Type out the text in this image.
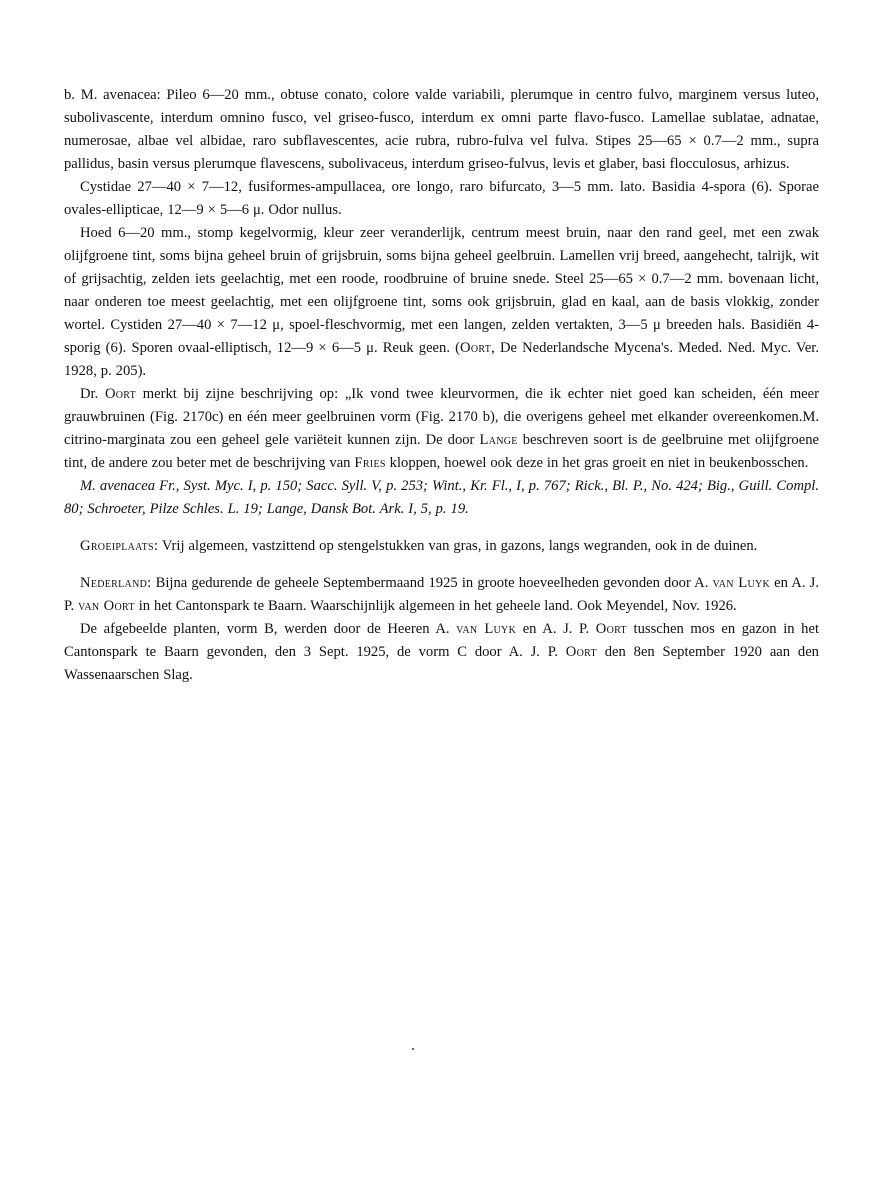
b. M. avenacea: Pileo 6—20 mm., obtuse conato, colore valde variabili, plerumque in centro fulvo, marginem versus luteo, subolivascente, interdum omnino fusco, vel griseo-fusco, interdum ex omni parte flavo-fusco. Lamellae sublatae, adnatae, numerosae, albae vel albidae, raro subflavescentes, acie rubra, rubro-fulva vel fulva. Stipes 25—65 × 0.7—2 mm., supra pallidus, basin versus plerumque flavescens, subolivaceus, interdum griseo-fulvus, levis et glaber, basi flocculosus, arhizus.

Cystidae 27—40 × 7—12, fusiformes-ampullacea, ore longo, raro bifurcato, 3—5 mm. lato. Basidia 4-spora (6). Sporae ovales-ellipticae, 12—9 × 5—6 μ. Odor nullus.

Hoed 6—20 mm., stomp kegelvormig, kleur zeer veranderlijk, centrum meest bruin, naar den rand geel, met een zwak olijfgroene tint, soms bijna geheel bruin of grijsbruin, soms bijna geheel geelbruin. Lamellen vrij breed, aangehecht, talrijk, wit of grijsachtig, zelden iets geelachtig, met een roode, roodbruine of bruine snede. Steel 25—65 × 0.7—2 mm. bovenaan licht, naar onderen toe meest geelachtig, met een olijfgroene tint, soms ook grijsbruin, glad en kaal, aan de basis vlokkig, zonder wortel. Cystiden 27—40 × 7—12 μ, spoel-fleschvormig, met een langen, zelden vertakten, 3—5 μ breeden hals. Basidiën 4-sporig (6). Sporen ovaal-elliptisch, 12—9 × 6—5 μ. Reuk geen. (Oort, De Nederlandsche Mycena's. Meded. Ned. Myc. Ver. 1928, p. 205).

Dr. Oort merkt bij zijne beschrijving op: „Ik vond twee kleurvormen, die ik echter niet goed kan scheiden, één meer grauwbruinen (Fig. 2170c) en één meer geelbruinen vorm (Fig. 2170 b), die overigens geheel met elkander overeenkomen.M. citrino-marginata zou een geheel gele variëteit kunnen zijn. De door Lange beschreven soort is de geelbruine met olijfgroene tint, de andere zou beter met de beschrijving van Fries kloppen, hoewel ook deze in het gras groeit en niet in beukenbosschen.

M. avenacea Fr., Syst. Myc. I, p. 150; Sacc. Syll. V, p. 253; Wint., Kr. Fl., I, p. 767; Rick., Bl. P., No. 424; Big., Guill. Compl. 80; Schroeter, Pilze Schles. L. 19; Lange, Dansk Bot. Ark. I, 5, p. 19.

Groeiplaats: Vrij algemeen, vastzittend op stengelstukken van gras, in gazons, langs wegranden, ook in de duinen.

Nederland: Bijna gedurende de geheele Septembermaand 1925 in groote hoeveelheden gevonden door A. van Luyk en A. J. P. van Oort in het Cantonspark te Baarn. Waarschijnlijk algemeen in het geheele land. Ook Meyendel, Nov. 1926.

De afgebeelde planten, vorm B, werden door de Heeren A. van Luyk en A. J. P. Oort tusschen mos en gazon in het Cantonspark te Baarn gevonden, den 3 Sept. 1925, de vorm C door A. J. P. Oort den 8en September 1920 aan den Wassenaarschen Slag.
